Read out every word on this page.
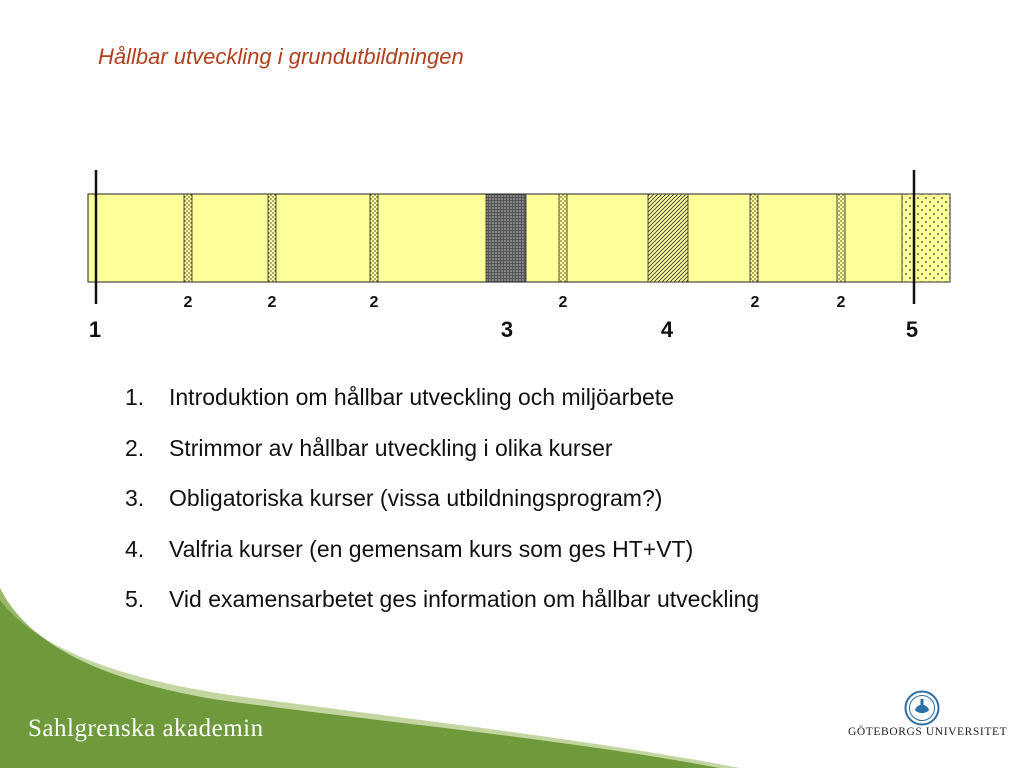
Hållbar utveckling i grundutbildningen
2	2	2
3
2
4
2	2
1	5
1.	Introduktion om hållbar utveckling och miljöarbete
2.	Strimmor av hållbar utveckling i olika kurser
3.	Obligatoriska kurser (vissa utbildningsprogram?)
4.	Valfria kurser (en gemensam kurs som ges HT+VT)
5.	Vid examensarbetet ges information om hållbar utveckling
Sahlgrenska akademin	GÖTEBORGS UNIVERSITET
